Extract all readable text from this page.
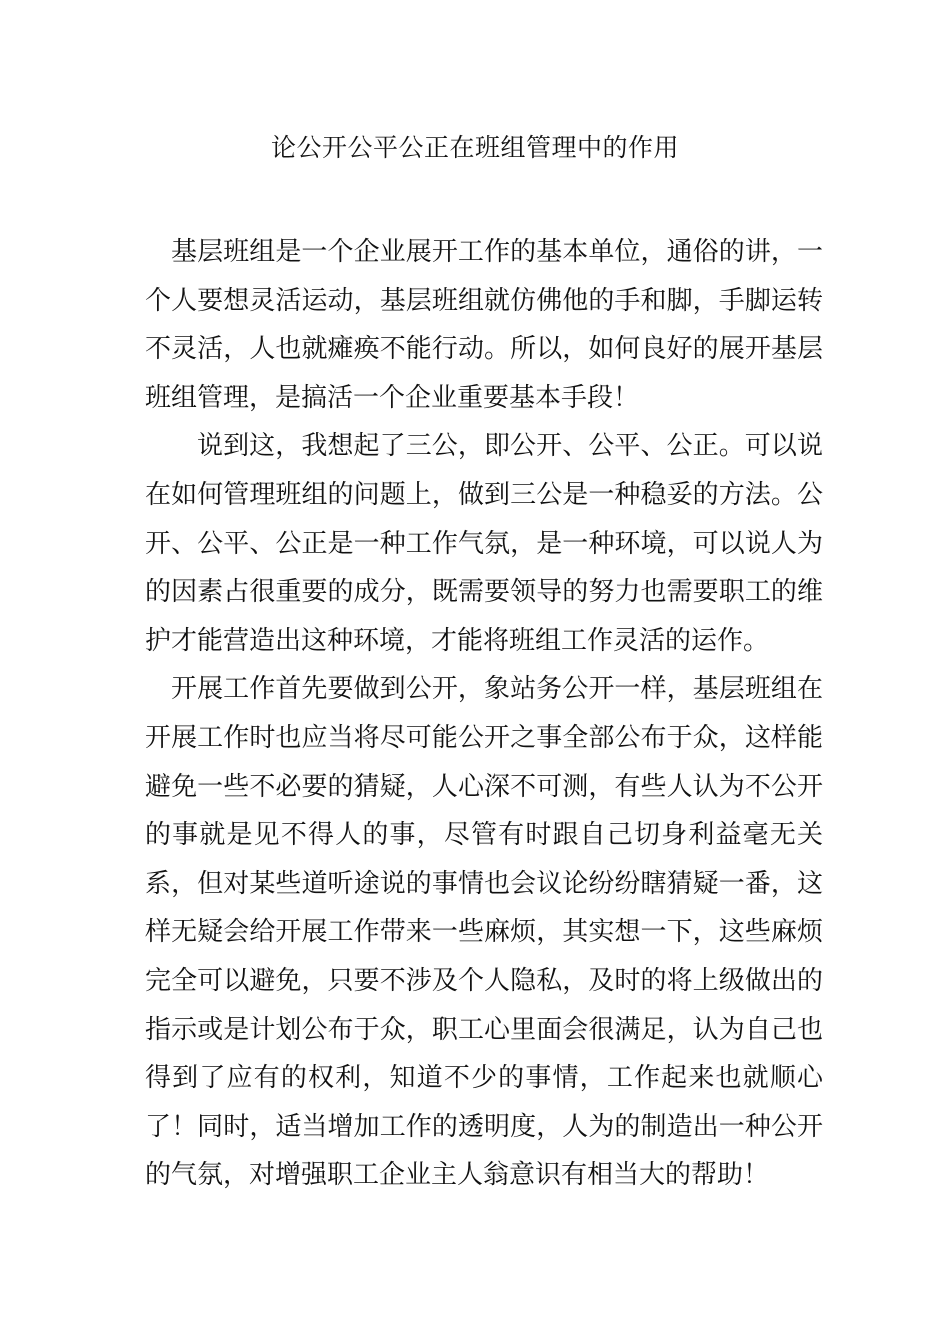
论公开公平公正在班组管理中的作用

基层班组是一个企业展开工作的基本单位，通俗的讲，一个人要想灵活运动，基层班组就仿佛他的手和脚，手脚运转不灵活，人也就瘫痪不能行动。所以，如何良好的展开基层班组管理，是搞活一个企业重要基本手段！

说到这，我想起了三公，即公开、公平、公正。可以说在如何管理班组的问题上，做到三公是一种稳妥的方法。公开、公平、公正是一种工作气氛，是一种环境，可以说人为的因素占很重要的成分，既需要领导的努力也需要职工的维护才能营造出这种环境，才能将班组工作灵活的运作。

开展工作首先要做到公开，象站务公开一样，基层班组在开展工作时也应当将尽可能公开之事全部公布于众，这样能避免一些不必要的猜疑，人心深不可测，有些人认为不公开的事就是见不得人的事，尽管有时跟自己切身利益毫无关系，但对某些道听途说的事情也会议论纷纷瞎猜疑一番，这样无疑会给开展工作带来一些麻烦，其实想一下，这些麻烦完全可以避免，只要不涉及个人隐私，及时的将上级做出的指示或是计划公布于众，职工心里面会很满足，认为自己也得到了应有的权利，知道不少的事情，工作起来也就顺心了！同时，适当增加工作的透明度，人为的制造出一种公开的气氛，对增强职工企业主人翁意识有相当大的帮助！
